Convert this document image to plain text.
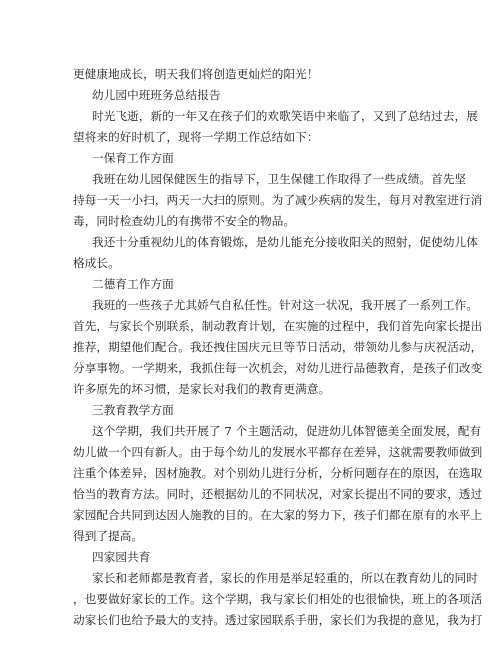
更健康地成长，明天我们将创造更灿烂的阳光！
幼儿园中班班务总结报告
时光飞逝，新的一年又在孩子们的欢歌笑语中来临了，又到了总结过去，展
望将来的好时机了，现将一学期工作总结如下：
一保育工作方面
我班在幼儿园保健医生的指导下，卫生保健工作取得了一些成绩。首先坚
持每一天一小扫，两天一大扫的原则。为了减少疾病的发生，每月对教室进行消
毒，同时检查幼儿的有携带不安全的物品。
我还十分重视幼儿的体育锻炼，是幼儿能充分接收阳关的照射，促使幼儿体
格成长。
二德育工作方面
我班的一些孩子尤其娇气自私任性。针对这一状况，我开展了一系列工作。
首先，与家长个别联系，制动教育计划，在实施的过程中，我们首先向家长提出
推荐，期望他们配合。我还拽住国庆元旦等节日活动，带领幼儿参与庆祝活动，
分享事物。一学期来，我抓住每一次机会，对幼儿进行品德教育，是孩子们改变
许多原先的坏习惯，是家长对我们的教育更满意。
三教育教学方面
这个学期，我们共开展了 7 个主题活动，促进幼儿体智德美全面发展，配有
幼儿做一个四有新人。由于每个幼儿的发展水平都存在差异，这就需要教师做到
注重个体差异，因材施教。对个别幼儿进行分析，分析问题存在的原因，在选取
恰当的教育方法。同时，还根据幼儿的不同状况，对家长提出不同的要求，透过
家园配合共同到达因人施教的目的。在大家的努力下，孩子们都在原有的水平上
得到了提高。
四家园共育
家长和老师都是教育者，家长的作用是举足轻重的，所以在教育幼儿的同时
，也要做好家长的工作。这个学期，我与家长们相处的也很愉快，班上的各项活
动家长们也给予最大的支持。透过家园联系手册，家长们为我提的意见，我为打
